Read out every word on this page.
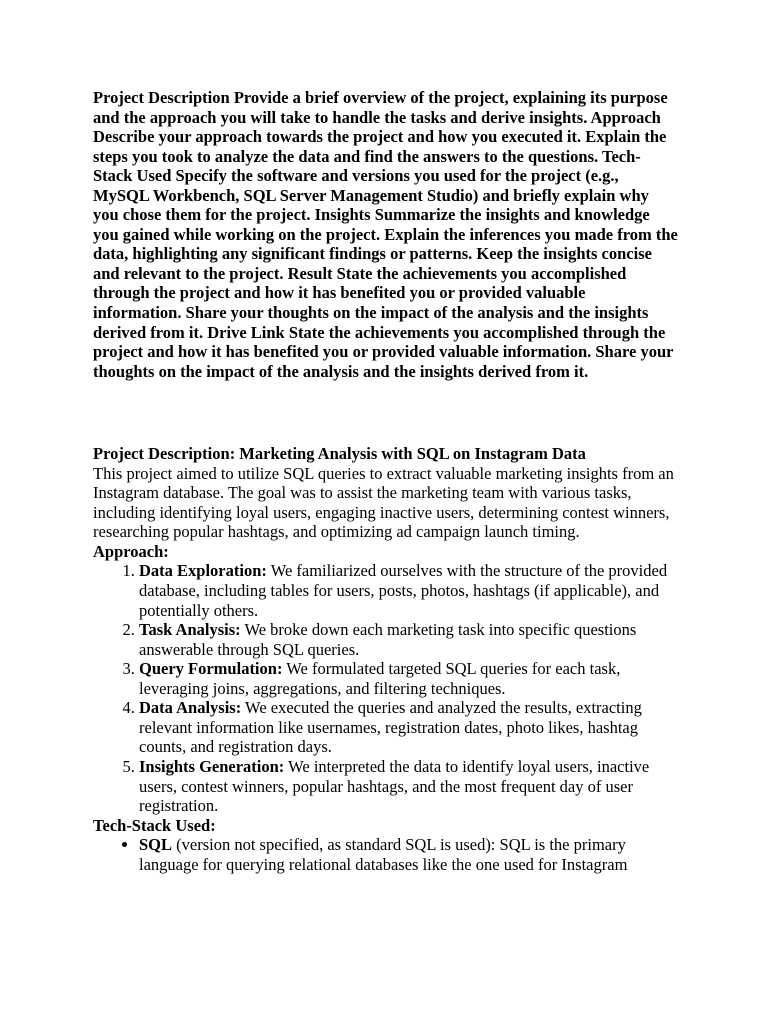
Project Description Provide a brief overview of the project, explaining its purpose and the approach you will take to handle the tasks and derive insights. Approach Describe your approach towards the project and how you executed it. Explain the steps you took to analyze the data and find the answers to the questions. Tech-Stack Used Specify the software and versions you used for the project (e.g., MySQL Workbench, SQL Server Management Studio) and briefly explain why you chose them for the project. Insights Summarize the insights and knowledge you gained while working on the project. Explain the inferences you made from the data, highlighting any significant findings or patterns. Keep the insights concise and relevant to the project. Result State the achievements you accomplished through the project and how it has benefited you or provided valuable information. Share your thoughts on the impact of the analysis and the insights derived from it. Drive Link State the achievements you accomplished through the project and how it has benefited you or provided valuable information. Share your thoughts on the impact of the analysis and the insights derived from it.

Project Description: Marketing Analysis with SQL on Instagram Data

This project aimed to utilize SQL queries to extract valuable marketing insights from an Instagram database. The goal was to assist the marketing team with various tasks, including identifying loyal users, engaging inactive users, determining contest winners, researching popular hashtags, and optimizing ad campaign launch timing.

Approach:

1. Data Exploration: We familiarized ourselves with the structure of the provided database, including tables for users, posts, photos, hashtags (if applicable), and potentially others.
2. Task Analysis: We broke down each marketing task into specific questions answerable through SQL queries.
3. Query Formulation: We formulated targeted SQL queries for each task, leveraging joins, aggregations, and filtering techniques.
4. Data Analysis: We executed the queries and analyzed the results, extracting relevant information like usernames, registration dates, photo likes, hashtag counts, and registration days.
5. Insights Generation: We interpreted the data to identify loyal users, inactive users, contest winners, popular hashtags, and the most frequent day of user registration.

Tech-Stack Used:

• SQL (version not specified, as standard SQL is used): SQL is the primary language for querying relational databases like the one used for Instagram
